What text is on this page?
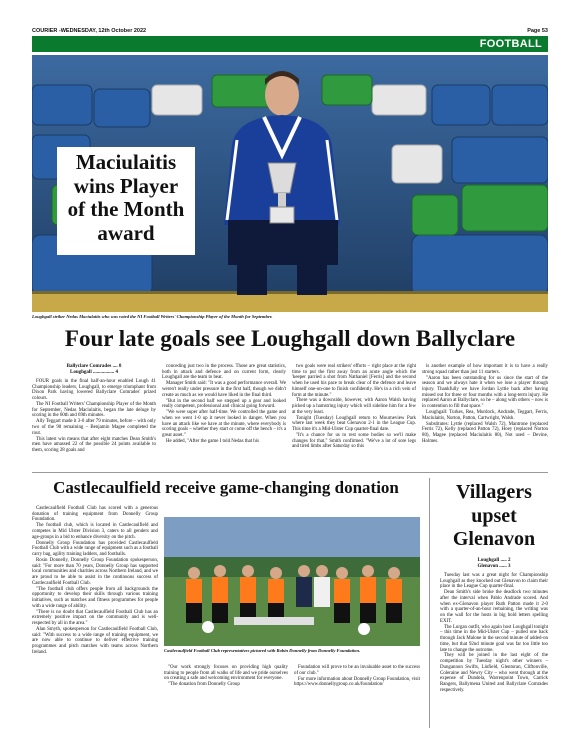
COURIER -WEDNESDAY, 12th October 2022	Page 53
FOOTBALL
Maciulaitis
wins Player
of the Month
award
Loughgall striker Nedas Maciulaitis who was voted the NI Football Writers' Championship Player of the Month for September.
Four late goals see Loughgall down Ballyclare
Ballyclare Comrades .... 0
Loughgall ................. 4

FOUR goals in the final half-an-hour enabled Lough 41 Championship leaders, Loughgall, to emerge triumphant from Dixon Park having lowered Ballyclare Comrades' prized colours.

The NI Football Writers' Championship Player of the Month for September, Nedas Maciulaitis, began the late deluge by scoring in the 60th and 69th minutes.

Ally Teggart made it 3-0 after 79 minutes, before – with only two of the 90 remaining – Benjamin Magee completed the rout.

This latest win means that after eight matches Dean Smith's men have amassed 22 of the possible 24 points available to them, scoring 28 goals and

conceding just two in the process. Those are great statistics, both in attack and defence and on current form, clearly Loughgall are the team to beat.

Manager Smith said: "It was a good performance overall. We weren't really under pressure in the first half, though we didn't create as much as we would have liked in the final third.

"But in the second half we stepped up a gear and looked really competent, professional and clinical going forward.

"We were super after half-time. We controlled the game and when we went 1-0 up it never looked in danger. When you have an attack like we have at the minute, where everybody is scoring goals – whether they start or come off the bench – it's a great asset."

He added, "After the game I told Nedas that his

two goals were real strikers' efforts – right place at the right time to put the first away from an acute angle which the 'keeper parried a shot from Nathaniel [Ferris] and the second when he used his pace to break clear of the defence and leave himself one-on-one to finish confidently. He's in a rich vein of form at the minute."

There was a downside, however, with Aaron Walsh having picked up a hamstring injury which will sideline him for a few at the very least.

Tonight (Tuesday) Loughgall return to Mourneview Park where last week they beat Glenavon 2-1 in the League Cup. This time it's a Mid-Ulster Cup quarter-final date.

"It's a chance for us to rest some bodies so we'll make changes for that," Smith confirmed. "We've a lot of sore legs and tired limbs after Saturday so this

is another example of how important it is to have a really strong squad rather than just 11 starters.

"Aaron has been outstanding for us since the start of the season and we always hate it when we lose a player through injury. Thankfully we have Jordan Lyttle back after having missed out for three or four months with a long-term injury. He replaced Aaron at Ballyclare, so he – along with others – now is in contention to fill that space."

Loughgall: Turkes, Rea, Murdock, Andrade, Teggart, Ferris, Maciulaitis, Norton, Patton, Cartwright, Walsh.

Substitutes: Lyttle (replaced Walsh 72), Mantrone (replaced Ferris 72), Kelly (replaced Patton 72), Hoey (replaced Norton 80), Magee (replaced Maciulaitis 80), Not used – Devine, Holmes.

Castlecaulfield receive game-changing donation

Castlecaulfield Football Club has scored with a generous donation of training equipment from Donnelly Group Foundation.

The football club, which is located in Castlecaulfield and competes in Mid Ulster Division 3, caters to all genders and age-groups in a bid to enhance diversity on the pitch.

Donnelly Group Foundation has provided Castlecaulfield Football Club with a wide range of equipment such as a football carry bag, agility training ladders, and footballs.

Rosin Donnelly, Donnelly Group Foundation spokesperson, said: "For more than 70 years, Donnelly Group has supported local communities and charities across Northern Ireland, and we are proud to be able to assist in the continuous success of Castlecaulfield Football Club.

"The football club offers people from all backgrounds the opportunity to develop their skills through various training initiatives, such as matches and fitness programmes for people with a wide range of ability.

"There is no doubt that Castlecaulfield Football Club has an extremely positive impact on the community and is well-respected by all in the area."

Alan Smyth, spokesperson for Castlecaulfield Football Club, said: "With success to a wide range of training equipment, we are now able to continue to deliver effective training programmes and pitch matches with teams across Northern Ireland.	Castlecaulfield Football Club representatives pictured with Robin Donnelly from Donnelly Foundation.

"Our work strongly focuses on providing high quality training to people from all walks of life and we pride ourselves on creating a safe and welcoming environment for everyone.

"The donation from Donnelly Group

Foundation will prove to be an invaluable asset to the success of our club."

For more information about Donnelly Group Foundation, visit https://www.donnellygroup.co.uk/foundation/

Villagers
upset
Glenavon
Loughgall ..... 2
Glenavon ...... 3

Tuesday last was a great night for Championship Loughgall as they knocked out Glenavon to claim their place in the League Cup quarter-final.

Dean Smith's side broke the deadlock two minutes after the interval when Pablo Andrade scored. And when ex-Glenavon player Ruth Patton made it 2-0 with a quarter-of-an-hour remaining, the writing was on the wall for the hosts in big bold letters spelling EXIT.

The Lurgan outfit, who again host Loughgall tonight – this time in the Mid-Ulster Cup – pulled one back through Jack Malone in the second minute of added-on time, but that 92nd minute goal was far too little too late to change the outcome.

They will be joined in the last eight of the competition by Tuesday night's other winners – Dungannon Swifts, Linfield, Glentoran, Cliftonville, Coleraine and Newry City – who went through at the expense of Dundela, Warrenpoint Town, Carrick Rangers, Ballymena United and Ballyclare Comrades respectively.
